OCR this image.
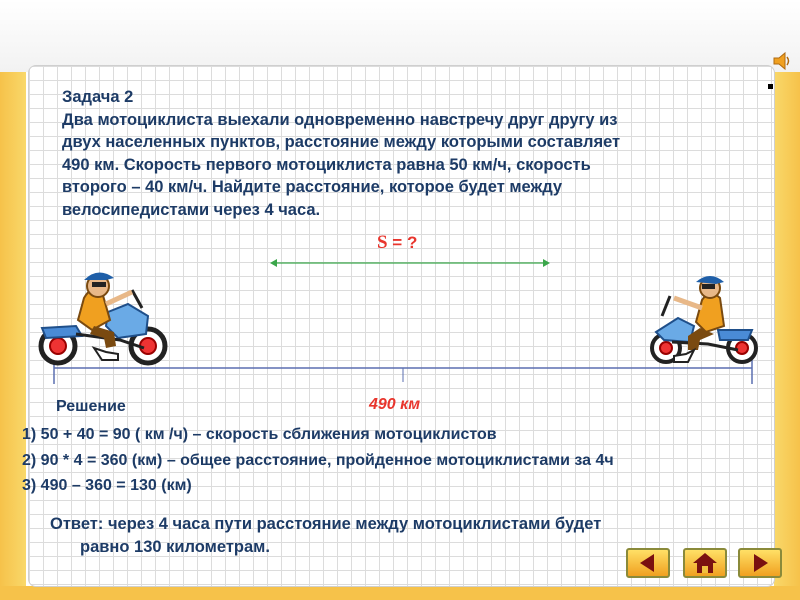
Задача 2
Два мотоциклиста выехали одновременно навстречу друг другу из
двух населенных пунктов, расстояние между которыми составляет
490 км. Скорость первого мотоциклиста равна 50 км/ч, скорость
второго – 40 км/ч. Найдите расстояние, которое будет между
велосипедистами через 4 часа.
S = ?
490 км
Решение
1) 50 + 40 = 90 ( км /ч) – скорость сближения мотоциклистов
2) 90 * 4 = 360 (км) – общее расстояние, пройденное мотоциклистами за 4ч
3) 490 – 360 = 130 (км)
Ответ: через 4 часа пути расстояние между мотоциклистами будет
равно 130 километрам.
